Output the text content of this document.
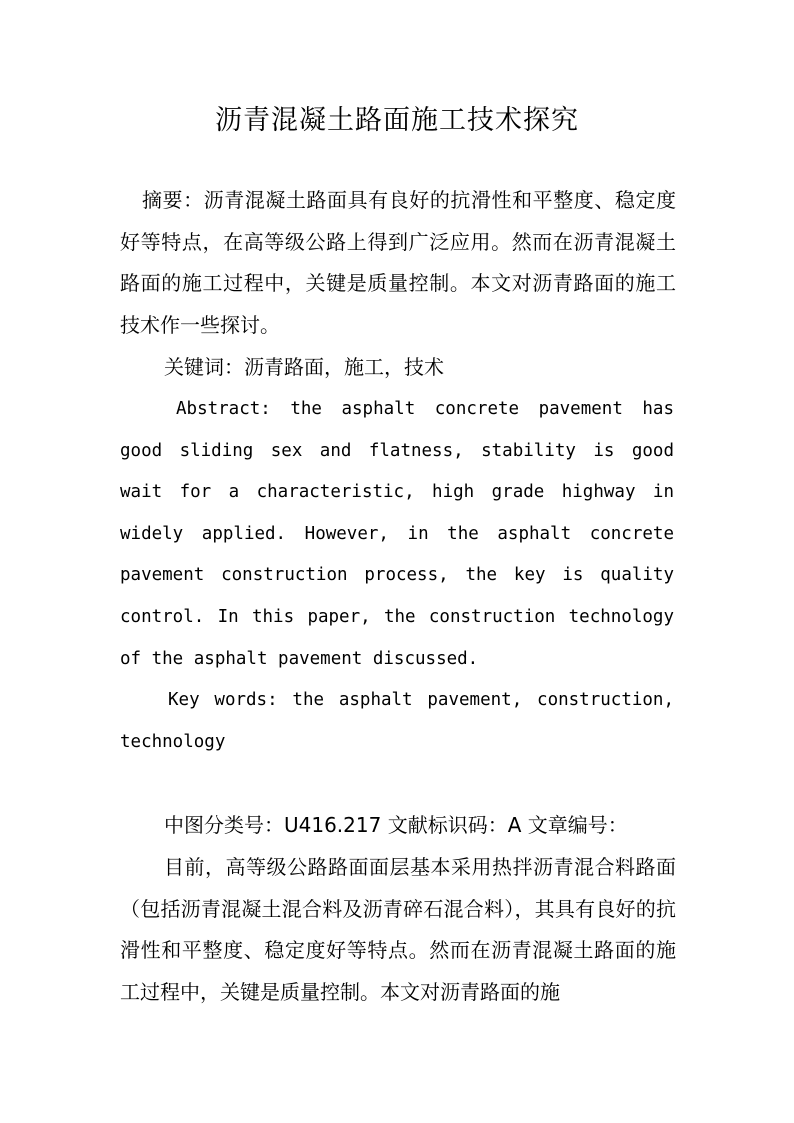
沥青混凝土路面施工技术探究

摘要：沥青混凝土路面具有良好的抗滑性和平整度、稳定度好等特点，在高等级公路上得到广泛应用。然而在沥青混凝土路面的施工过程中，关键是质量控制。本文对沥青路面的施工技术作一些探讨。

关键词：沥青路面，施工，技术

Abstract: the asphalt concrete pavement has good sliding sex and flatness, stability is good wait for a characteristic, high grade highway in widely applied. However, in the asphalt concrete pavement construction process, the key is quality control. In this paper, the construction technology of the asphalt pavement discussed.

Key words: the asphalt pavement, construction, technology

中图分类号：U416.217 文献标识码：A 文章编号：

目前，高等级公路路面面层基本采用热拌沥青混合料路面（包括沥青混凝土混合料及沥青碎石混合料），其具有良好的抗滑性和平整度、稳定度好等特点。然而在沥青混凝土路面的施工过程中，关键是质量控制。本文对沥青路面的施
